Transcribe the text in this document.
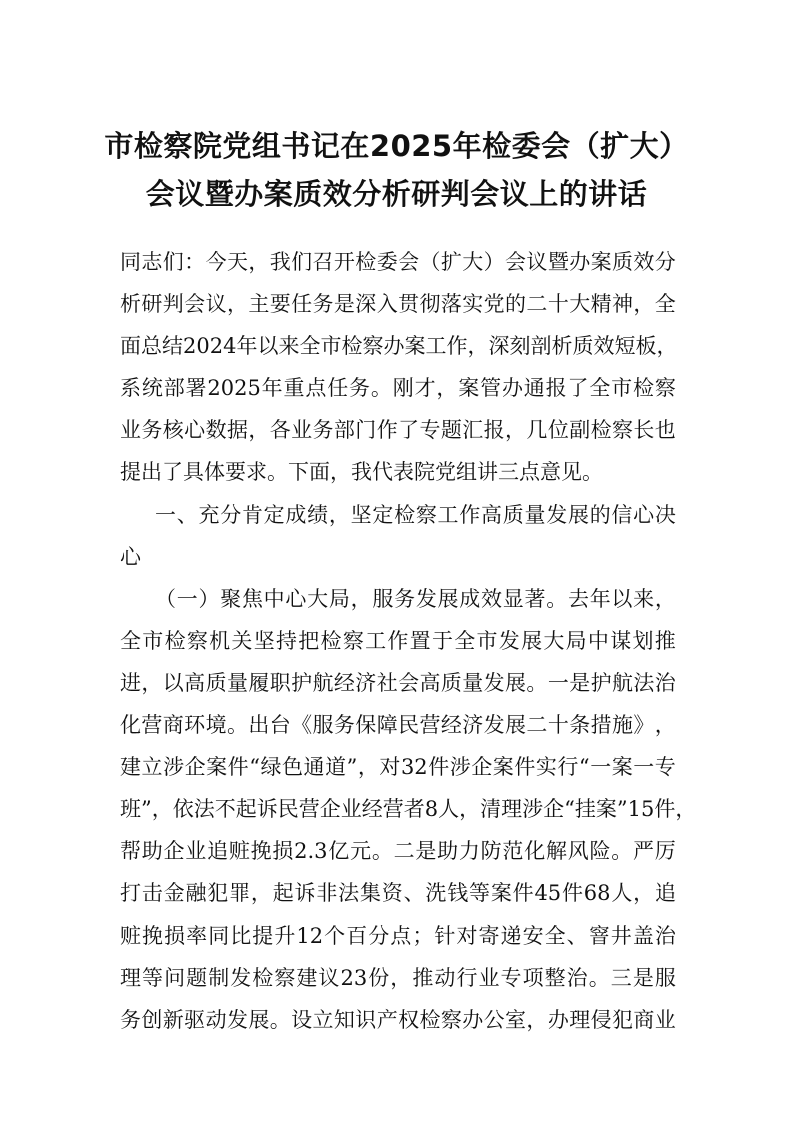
市检察院党组书记在2025年检委会（扩大）
会议暨办案质效分析研判会议上的讲话
同 志 们 ： 今 天 ， 我 们 召 开 检 委 会 （ 扩 大 ） 会 议 暨 办 案 质 效 分
析 研 判 会 议 ， 主 要 任 务 是 深 入 贯 彻 落 实 党 的 二 十 大 精 神 ， 全
面 总 结 2024 年 以 来 全 市 检 察 办 案 工 作 ， 深 刻 剖 析 质 效 短 板 ，
系 统 部 署 2025 年 重 点 任 务 。 刚 才 ， 案 管 办 通 报 了 全 市 检 察
业 务 核 心 数 据 ， 各 业 务 部 门 作 了 专 题 汇 报 ， 几 位 副 检 察 长 也
提 出 了 具 体 要 求 。 下 面 ， 我 代 表 院 党 组 讲 三 点 意 见 。
一 、 充 分 肯 定 成 绩 ， 坚 定 检 察 工 作 高 质 量 发 展 的 信 心 决
心
（ 一 ） 聚 焦 中 心 大 局 ， 服 务 发 展 成 效 显 著 。 去 年 以 来 ，
全 市 检 察 机 关 坚 持 把 检 察 工 作 置 于 全 市 发 展 大 局 中 谋 划 推
进 ， 以 高 质 量 履 职 护 航 经 济 社 会 高 质 量 发 展 。 一 是 护 航 法 治
化 营 商 环 境 。 出 台 《 服 务 保 障 民 营 经 济 发 展 二 十 条 措 施 》 ，
建 立 涉 企 案 件 “ 绿 色 通 道 ” ， 对 32 件 涉 企 案 件 实 行 “ 一 案 一 专
班 ” ， 依 法 不 起 诉 民 营 企 业 经 营 者 8 人 ， 清 理 涉 企 “ 挂 案 ” 15 件 ，
帮 助 企 业 追 赃 挽 损 2.3 亿 元 。 二 是 助 力 防 范 化 解 风 险 。 严 厉
打 击 金 融 犯 罪 ， 起 诉 非 法 集 资 、 洗 钱 等 案 件 45 件 68 人 ， 追
赃 挽 损 率 同 比 提 升 12 个 百 分 点 ； 针 对 寄 递 安 全 、 窨 井 盖 治
理 等 问 题 制 发 检 察 建 议 23 份 ， 推 动 行 业 专 项 整 治 。 三 是 服
务 创 新 驱 动 发 展 。 设 立 知 识 产 权 检 察 办 公 室 ， 办 理 侵 犯 商 业
